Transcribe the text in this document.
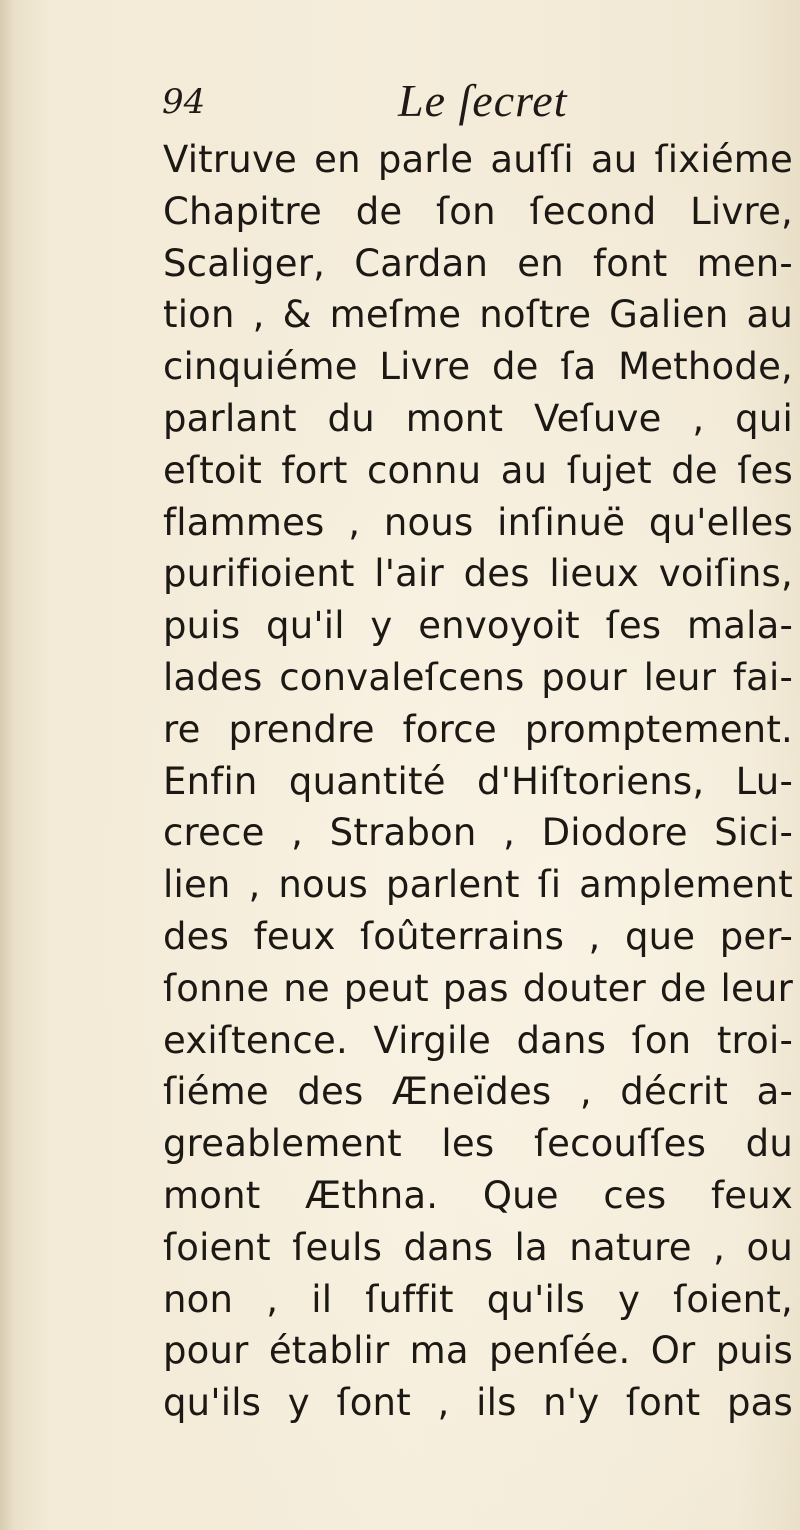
94	Le ſecret
Vitruve en parle auſſi au ſixiéme
Chapitre de ſon ſecond Livre,
Scaliger, Cardan en font men-
tion , & meſme noſtre Galien au
cinquiéme Livre de ſa Methode,
parlant du mont Veſuve , qui
eſtoit fort connu au ſujet de ſes
flammes , nous inſinuë qu'elles
purifioient l'air des lieux voiſins,
puis qu'il y envoyoit ſes mala-
lades convaleſcens pour leur fai-
re prendre force promptement.
Enfin quantité d'Hiſtoriens, Lu-
crece , Strabon , Diodore Sici-
lien , nous parlent ſi amplement
des feux ſoûterrains , que per-
ſonne ne peut pas douter de leur
exiſtence. Virgile dans ſon troi-
ſiéme des Æneïdes , décrit a-
greablement les ſecouſſes du
mont Æthna. Que ces feux
ſoient ſeuls dans la nature , ou
non , il ſuffit qu'ils y ſoient,
pour établir ma penſée. Or puis
qu'ils y ſont , ils n'y ſont pas
